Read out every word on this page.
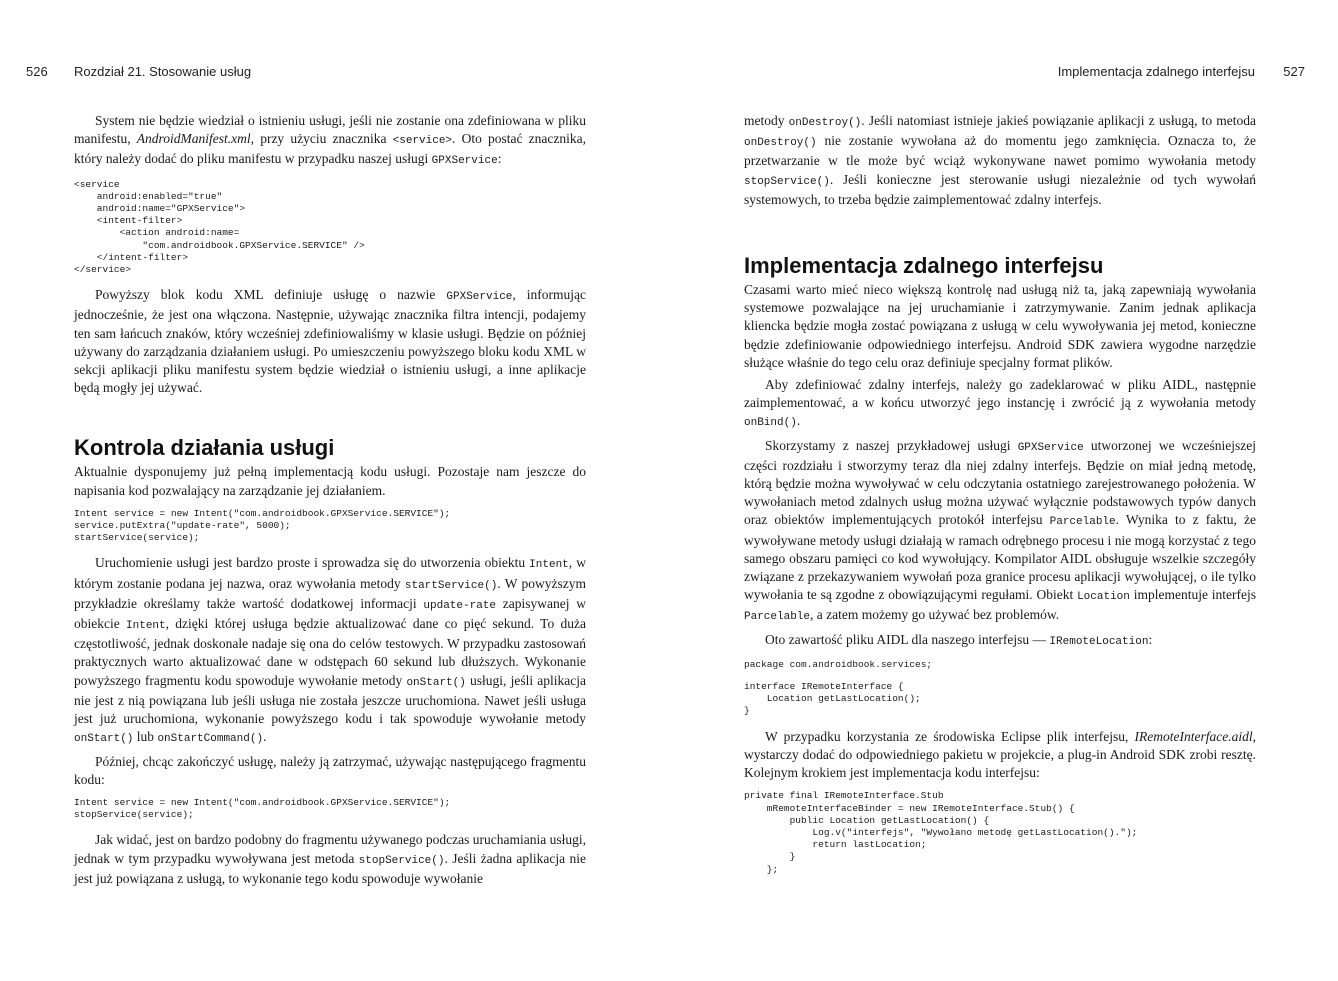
526 Rozdział 21. Stosowanie usług

System nie będzie wiedział o istnieniu usługi, jeśli nie zostanie ona zdefiniowana w pliku manifestu, AndroidManifest.xml, przy użyciu znacznika <service>. Oto postać znacznika, który należy dodać do pliku manifestu w przypadku naszej usługi GPXService:

<service
android:enabled="true"
android:name="GPXService">
<intent-filter>
<action android:name=
"com.androidbook.GPXService.SERVICE" />
</intent-filter>
</service>

Powyższy blok kodu XML definiuje usługę o nazwie GPXService, informując jednocześnie, że jest ona włączona. Następnie, używając znacznika filtra intencji, podajemy ten sam łańcuch znaków, który wcześniej zdefiniowaliśmy w klasie usługi. Będzie on później używany do zarządzania działaniem usługi. Po umieszczeniu powyższego bloku kodu XML w sekcji aplikacji pliku manifestu system będzie wiedział o istnieniu usługi, a inne aplikacje będą mogły jej używać.

Kontrola działania usługi

Aktualnie dysponujemy już pełną implementacją kodu usługi. Pozostaje nam jeszcze do napisania kod pozwalający na zarządzanie jej działaniem.

Intent service = new Intent("com.androidbook.GPXService.SERVICE");
service.putExtra("update-rate", 5000);
startService(service);

Uruchomienie usługi jest bardzo proste i sprowadza się do utworzenia obiektu Intent, w którym zostanie podana jej nazwa, oraz wywołania metody startService(). W powyższym przykładzie określamy także wartość dodatkowej informacji update-rate zapisywanej w obiekcie Intent, dzięki której usługa będzie aktualizować dane co pięć sekund. To duża częstotliwość, jednak doskonale nadaje się ona do celów testowych. W przypadku zastosowań praktycznych warto aktualizować dane w odstępach 60 sekund lub dłuższych. Wykonanie powyższego fragmentu kodu spowoduje wywołanie metody onStart() usługi, jeśli aplikacja nie jest z nią powiązana lub jeśli usługa nie została jeszcze uruchomiona. Nawet jeśli usługa jest już uruchomiona, wykonanie powyższego kodu i tak spowoduje wywołanie metody onStart() lub onStartCommand().

Później, chcąc zakończyć usługę, należy ją zatrzymać, używając następującego fragmentu kodu:

Intent service = new Intent("com.androidbook.GPXService.SERVICE");
stopService(service);

Jak widać, jest on bardzo podobny do fragmentu używanego podczas uruchamiania usługi, jednak w tym przypadku wywoływana jest metoda stopService(). Jeśli żadna aplikacja nie jest już powiązana z usługą, to wykonanie tego kodu spowoduje wywołanie

Implementacja zdalnego interfejsu 527

metody onDestroy(). Jeśli natomiast istnieje jakieś powiązanie aplikacji z usługą, to metoda onDestroy() nie zostanie wywołana aż do momentu jego zamknięcia. Oznacza to, że przetwarzanie w tle może być wciąż wykonywane nawet pomimo wywołania metody stopService(). Jeśli konieczne jest sterowanie usługi niezależnie od tych wywołań systemowych, to trzeba będzie zaimplementować zdalny interfejs.

Implementacja zdalnego interfejsu

Czasami warto mieć nieco większą kontrolę nad usługą niż ta, jaką zapewniają wywołania systemowe pozwalające na jej uruchamianie i zatrzymywanie. Zanim jednak aplikacja kliencka będzie mogła zostać powiązana z usługą w celu wywoływania jej metod, konieczne będzie zdefiniowanie odpowiedniego interfejsu. Android SDK zawiera wygodne narzędzie służące właśnie do tego celu oraz definiuje specjalny format plików.

Aby zdefiniować zdalny interfejs, należy go zadeklarować w pliku AIDL, następnie zaimplementować, a w końcu utworzyć jego instancję i zwrócić ją z wywołania metody onBind().

Skorzystamy z naszej przykładowej usługi GPXService utworzonej we wcześniejszej części rozdziału i stworzymy teraz dla niej zdalny interfejs. Będzie on miał jedną metodę, którą będzie można wywoływać w celu odczytania ostatniego zarejestrowanego położenia. W wywołaniach metod zdalnych usług można używać wyłącznie podstawowych typów danych oraz obiektów implementujących protokół interfejsu Parcelable. Wynika to z faktu, że wywoływane metody usługi działają w ramach odrębnego procesu i nie mogą korzystać z tego samego obszaru pamięci co kod wywołujący. Kompilator AIDL obsługuje wszelkie szczegóły związane z przekazywaniem wywołań poza granice procesu aplikacji wywołującej, o ile tylko wywołania te są zgodne z obowiązującymi regułami. Obiekt Location implementuje interfejs Parcelable, a zatem możemy go używać bez problemów.

Oto zawartość pliku AIDL dla naszego interfejsu — IRemoteLocation:

package com.androidbook.services;
interface IRemoteInterface {
Location getLastLocation();
}

W przypadku korzystania ze środowiska Eclipse plik interfejsu, IRemoteInterface.aidl, wystarczy dodać do odpowiedniego pakietu w projekcie, a plug-in Android SDK zrobi resztę. Kolejnym krokiem jest implementacja kodu interfejsu:

private final IRemoteInterface.Stub
mRemoteInterfaceBinder = new IRemoteInterface.Stub() {
public Location getLastLocation() {
Log.v("interfejs", "Wywołano metodę getLastLocation().");
return lastLocation;
}
};
